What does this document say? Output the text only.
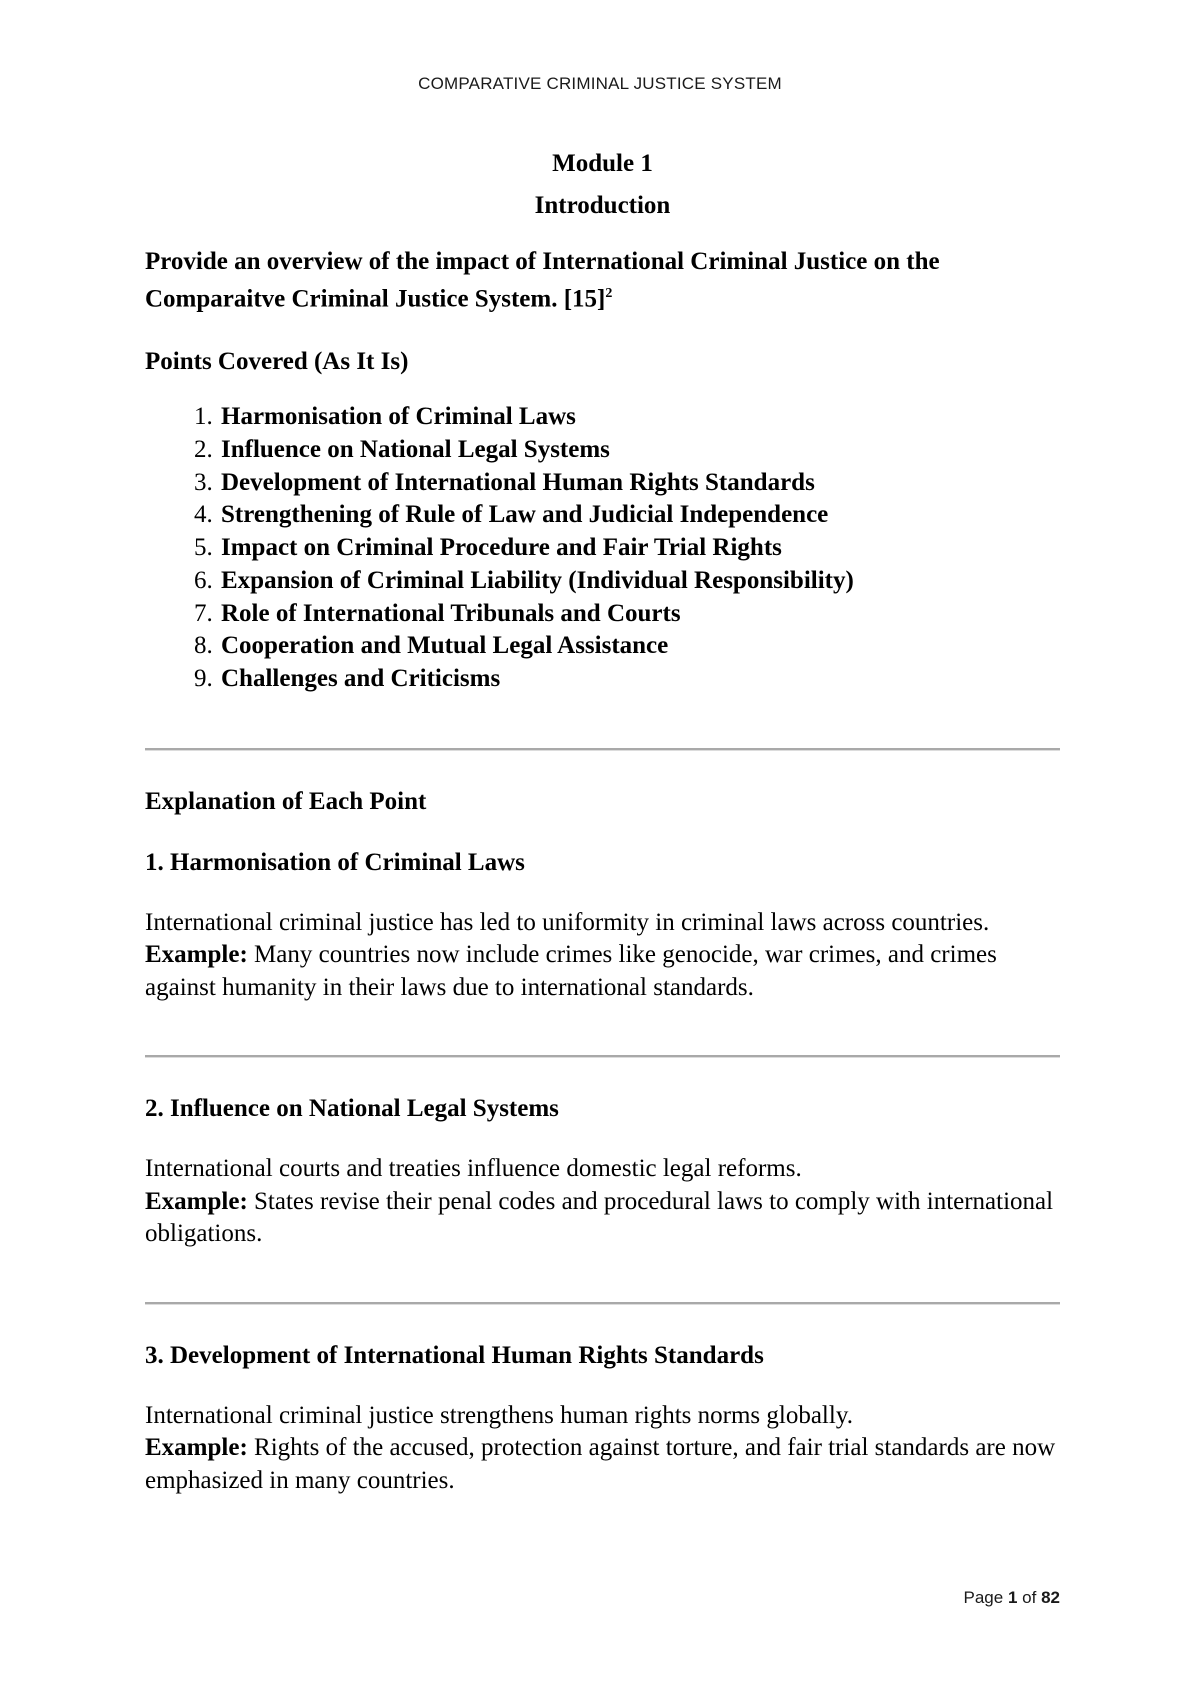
COMPARATIVE CRIMINAL JUSTICE SYSTEM
Module 1
Introduction

Provide an overview of the impact of International Criminal Justice on the Comparaitve Criminal Justice System. $[15]^2$

Points Covered (As It Is)

1. Harmonisation of Criminal Laws
2. Influence on National Legal Systems
3. Development of International Human Rights Standards
4. Strengthening of Rule of Law and Judicial Independence
5. Impact on Criminal Procedure and Fair Trial Rights
6. Expansion of Criminal Liability (Individual Responsibility)
7. Role of International Tribunals and Courts
8. Cooperation and Mutual Legal Assistance
9. Challenges and Criticisms

Explanation of Each Point

1. Harmonisation of Criminal Laws

International criminal justice has led to uniformity in criminal laws across countries.
Example: Many countries now include crimes like genocide, war crimes, and crimes against humanity in their laws due to international standards.

2. Influence on National Legal Systems

International courts and treaties influence domestic legal reforms.
Example: States revise their penal codes and procedural laws to comply with international obligations.

3. Development of International Human Rights Standards

International criminal justice strengthens human rights norms globally.
Example: Rights of the accused, protection against torture, and fair trial standards are now emphasized in many countries.

Page 1 of 82
